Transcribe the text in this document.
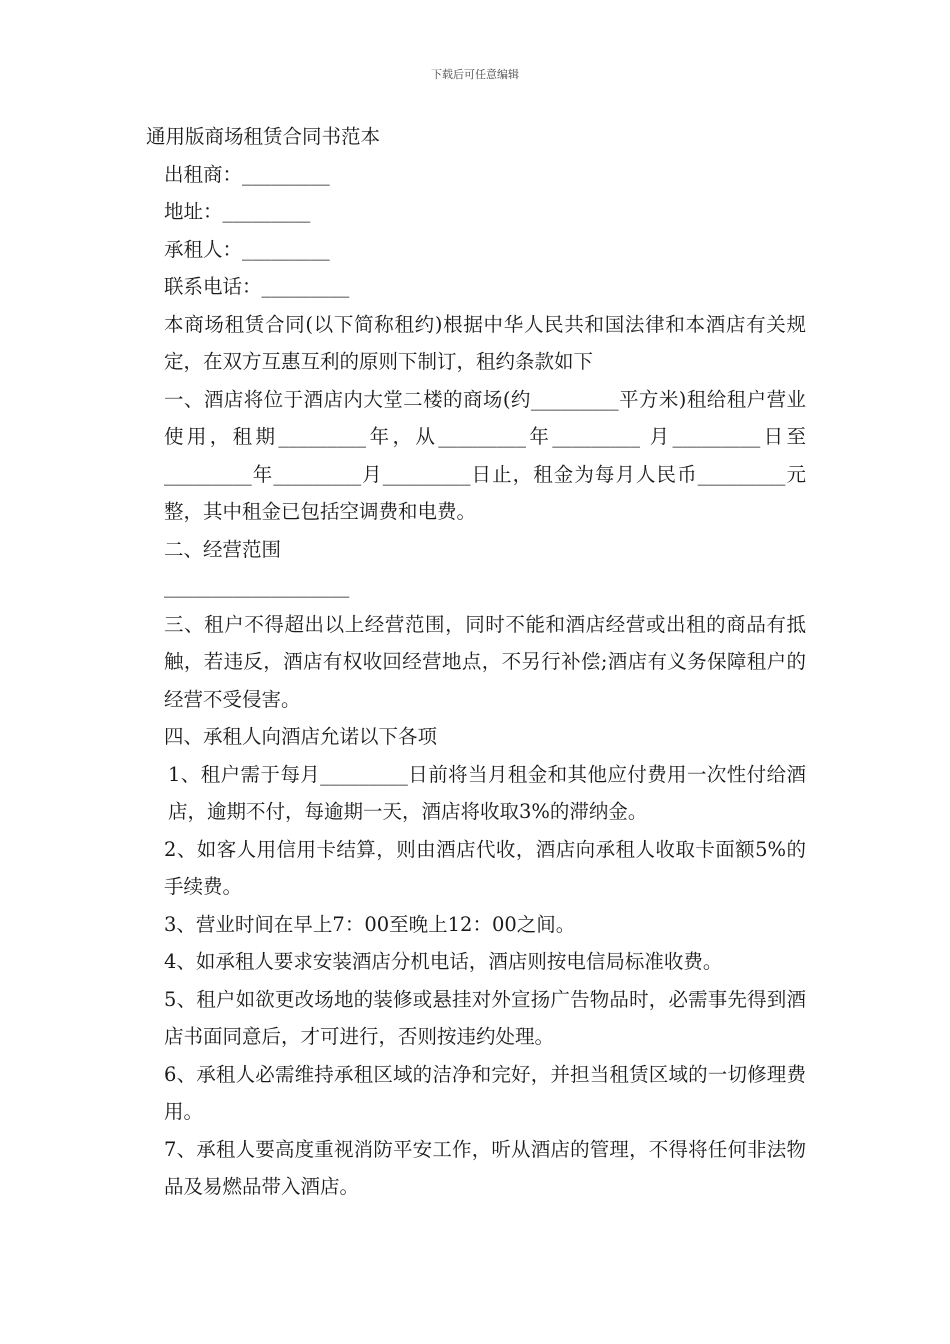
下载后可任意编辑

通用版商场租赁合同书范本

出租商：_________

地址：_________

承租人：_________

联系电话：_________

本商场租赁合同(以下简称租约)根据中华人民共和国法律和本酒店有关规定，在双方互惠互利的原则下制订，租约条款如下

一、酒店将位于酒店内大堂二楼的商场(约_________平方米)租给租户营业使用，租期_________年，从_________年_________ 月_________日至_________年_________月_________日止，租金为每月人民币_________元整，其中租金已包括空调费和电费。

二、经营范围

___________________

三、租户不得超出以上经营范围，同时不能和酒店经营或出租的商品有抵触，若违反，酒店有权收回经营地点，不另行补偿;酒店有义务保障租户的经营不受侵害。

四、承租人向酒店允诺以下各项

1、租户需于每月_________日前将当月租金和其他应付费用一次性付给酒店，逾期不付，每逾期一天，酒店将收取3%的滞纳金。

2、如客人用信用卡结算，则由酒店代收，酒店向承租人收取卡面额5%的手续费。

3、营业时间在早上7：00至晚上12：00之间。

4、如承租人要求安装酒店分机电话，酒店则按电信局标准收费。

5、租户如欲更改场地的装修或悬挂对外宣扬广告物品时，必需事先得到酒店书面同意后，才可进行，否则按违约处理。

6、承租人必需维持承租区域的洁净和完好，并担当租赁区域的一切修理费用。

7、承租人要高度重视消防平安工作，听从酒店的管理，不得将任何非法物品及易燃品带入酒店。
